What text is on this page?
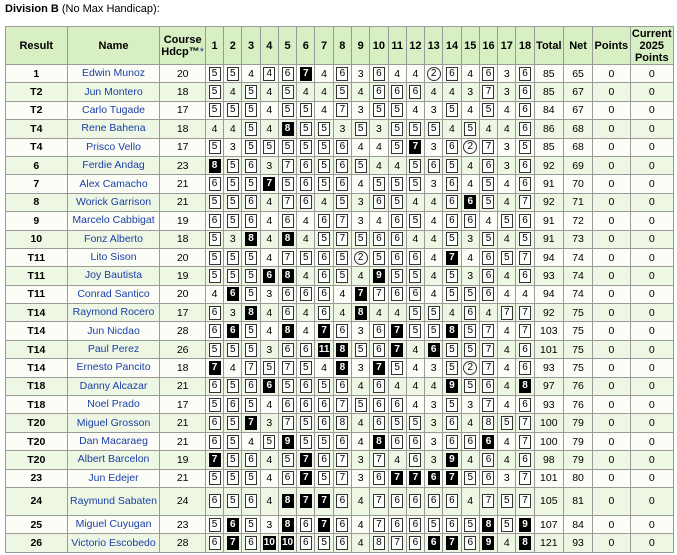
Division B (No Max Handicap):
Result	Name	Course Hdcp™*	1	2	3	4	5	6	7	8	9	10	11	12	13	14	15	16	17	18	Total	Net	Points	Current 2025 Points
1	Edwin Munoz	20	5	5	4	4	6	7	4	6	3	6	4	4	2	6	4	6	3	6	85	65	0	0
T2	Jun Montero	18	5	4	5	4	5	4	4	5	4	6	6	6	4	4	3	7	3	6	85	67	0	0
T2	Carlo Tugade	17	5	5	5	4	5	5	4	7	3	5	5	4	3	5	4	5	4	6	84	67	0	0
T4	Rene Bahena	18	4	4	5	4	8	5	5	3	5	3	5	5	5	4	5	4	4	6	86	68	0	0
T4	Prisco Vello	17	5	3	5	5	5	5	5	6	4	4	5	7	3	6	2	7	3	5	85	68	0	0
6	Ferdie Andag	23	8	5	6	3	7	6	5	6	5	4	4	5	6	5	4	6	3	6	92	69	0	0
7	Alex Camacho	21	6	5	5	7	5	6	5	6	4	5	5	5	3	6	4	5	4	6	91	70	0	0
8	Worick Garrison	21	5	5	6	4	7	6	4	5	3	6	5	4	4	6	6	5	4	7	92	71	0	0
9	Marcelo Cabbigat	19	6	5	6	4	6	4	6	7	3	4	6	5	4	6	6	4	5	6	91	72	0	0
10	Fonz Alberto	18	5	3	8	4	8	4	5	7	5	6	6	4	4	5	3	5	4	5	91	73	0	0
T11	Lito Sison	20	5	5	5	4	7	5	6	5	2	5	6	6	4	7	4	6	5	7	94	74	0	0
T11	Joy Bautista	19	5	5	5	6	8	4	6	5	4	9	5	5	4	5	3	6	4	6	93	74	0	0
T11	Conrad Santico	20	4	6	5	3	6	6	6	4	7	7	6	6	4	5	5	6	4	4	94	74	0	0
T14	Raymond Rocero	17	6	3	8	4	6	4	6	4	8	4	4	5	5	4	6	4	7	7	92	75	0	0
T14	Jun Nicdao	28	6	6	5	4	8	4	7	6	3	6	7	5	5	8	5	7	4	7	103	75	0	0
T14	Paul Perez	26	5	5	5	3	6	6	11	8	5	6	7	4	6	5	5	7	4	6	101	75	0	0
T14	Ernesto Pancito	18	7	4	7	5	7	5	4	8	3	7	5	4	3	5	2	7	4	6	93	75	0	0
T18	Danny Alcazar	21	6	5	6	6	5	6	5	6	4	6	4	4	4	9	5	6	4	8	97	76	0	0
T18	Noel Prado	17	5	6	5	4	6	6	6	7	5	6	6	4	3	5	3	7	4	6	93	76	0	0
T20	Miguel Grosson	21	6	5	7	3	7	5	6	8	4	6	5	5	3	6	4	8	5	7	100	79	0	0
T20	Dan Macaraeg	21	6	5	4	5	9	5	5	6	4	8	6	6	3	6	6	6	4	7	100	79	0	0
T20	Albert Barcelon	19	7	5	6	4	5	7	6	7	3	7	4	6	3	9	4	6	4	6	98	79	0	0
23	Jun Edejer	21	5	5	5	4	6	7	5	7	3	6	7	7	6	7	5	6	3	7	101	80	0	0
24	Raymund Sabaten	24	6	5	6	4	8	7	7	6	4	7	6	6	6	6	4	7	5	7	105	81	0	0
25	Miguel Cuyugan	23	5	6	5	3	8	6	7	6	4	7	6	6	5	6	5	8	5	9	107	84	0	0
26	Victorio Escobedo	28	6	7	6	10	10	6	5	6	4	8	7	6	6	7	6	9	4	8	121	93	0	0
